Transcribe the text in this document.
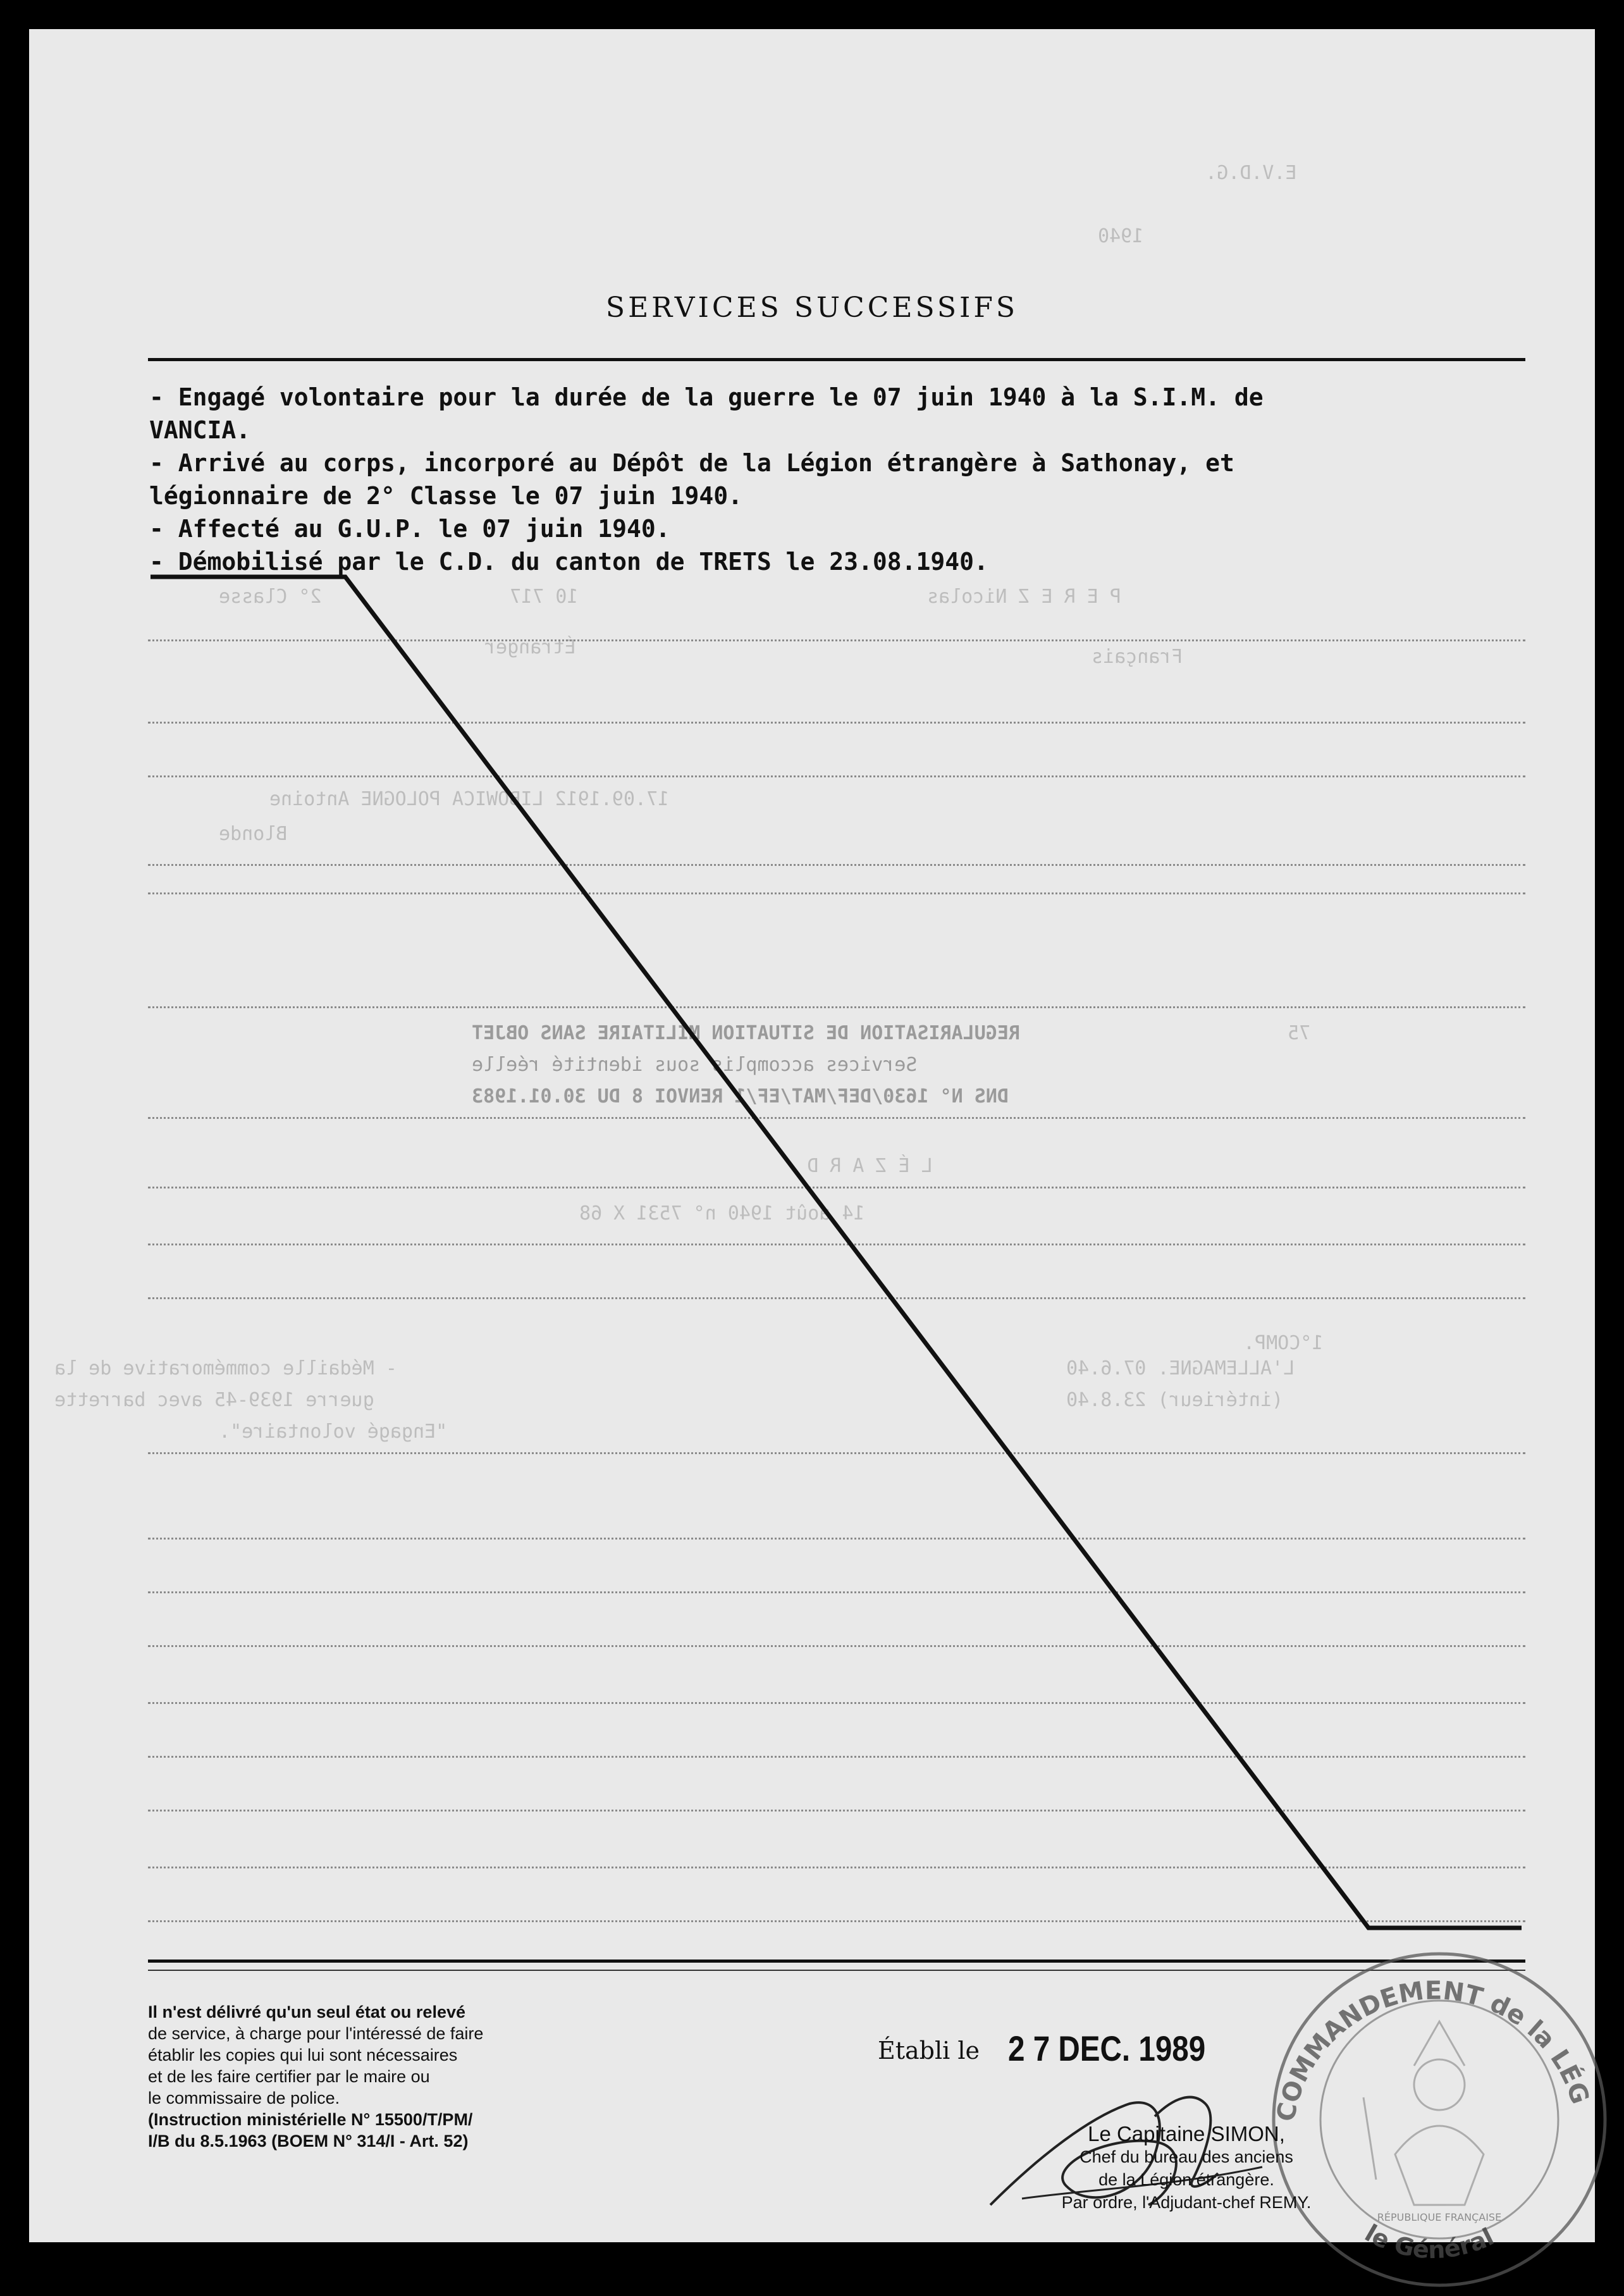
E.V.D.G.
1940
P E R E Z Nicolas
10 717
2° Classe
Étranger	Français
17.09.1912 LIBOWICA POLOGNE Antoine
Blonde
REGULARISATION DE SITUATION MILITAIRE SANS OBJET
Services accomplis sous identité réelle
DNS N° 1630/DEF/MAT/EF/1 RENVOI 8 DU 30.01.1983
75
L É Z A R D
14 août 1940 n° 7531 X 68
1°COMP.
L'ALLEMAGNE. 07.6.40
(intérieur) 23.8.40
- Médaille commémorative de la
guerre 1939-45 avec barrette
"Engagé volontaire".
SERVICES SUCCESSIFS
- Engagé volontaire pour la durée de la guerre le 07 juin 1940 à la S.I.M. de
VANCIA.
- Arrivé au corps, incorporé au Dépôt de la Légion étrangère à Sathonay, et
légionnaire de 2° Classe le 07 juin 1940.
- Affecté au G.U.P. le 07 juin 1940.
- Démobilisé par le C.D. du canton de TRETS le 23.08.1940.
Il n'est délivré qu'un seul état ou relevé
de service, à charge pour l'intéressé de faire
établir les copies qui lui sont nécessaires
et de les faire certifier par le maire ou
le commissaire de police.
(Instruction ministérielle N° 15500/T/PM/
I/B du 8.5.1963 (BOEM N° 314/I - Art. 52)
Établi le 2 7 DEC. 1989
COMMANDEMENT de la LÉG
le Général
RÉPUBLIQUE FRANÇAISE
Le Capitaine SIMON,
Chef du bureau des anciens
de la Légion étrangère.
Par ordre, l'Adjudant-chef REMY.
